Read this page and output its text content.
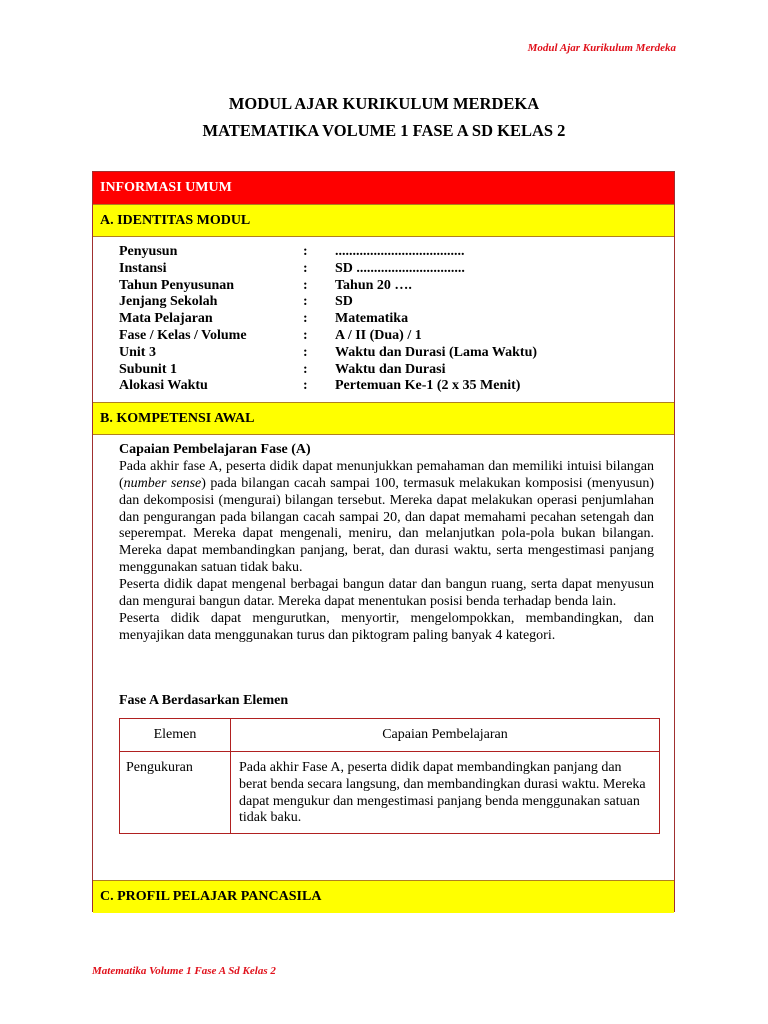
Modul Ajar Kurikulum Merdeka
MODUL AJAR KURIKULUM MERDEKA
MATEMATIKA VOLUME 1 FASE A SD KELAS 2
INFORMASI UMUM
A. IDENTITAS MODUL
Penyusun	:	.....................................
Instansi	:	SD ...............................
Tahun Penyusunan	:	Tahun 20 ….
Jenjang Sekolah	:	SD
Mata Pelajaran	:	Matematika
Fase / Kelas / Volume	:	A / II (Dua) / 1
Unit 3	:	Waktu dan Durasi (Lama Waktu)
Subunit 1	:	Waktu dan Durasi
Alokasi Waktu	:	Pertemuan Ke-1 (2 x 35 Menit)
B. KOMPETENSI AWAL
Capaian Pembelajaran Fase (A)

Pada akhir fase A, peserta didik dapat menunjukkan pemahaman dan memiliki intuisi bilangan (number sense) pada bilangan cacah sampai 100, termasuk melakukan komposisi (menyusun) dan dekomposisi (mengurai) bilangan tersebut. Mereka dapat melakukan operasi penjumlahan dan pengurangan pada bilangan cacah sampai 20, dan dapat memahami pecahan setengah dan seperempat. Mereka dapat mengenali, meniru, dan melanjutkan pola-pola bukan bilangan. Mereka dapat membandingkan panjang, berat, dan durasi waktu, serta mengestimasi panjang menggunakan satuan tidak baku.

Peserta didik dapat mengenal berbagai bangun datar dan bangun ruang, serta dapat menyusun dan mengurai bangun datar. Mereka dapat menentukan posisi benda terhadap benda lain.

Peserta didik dapat mengurutkan, menyortir, mengelompokkan, membandingkan, dan menyajikan data menggunakan turus dan piktogram paling banyak 4 kategori.

Fase A Berdasarkan Elemen
Elemen	Capaian Pembelajaran
Pengukuran	Pada akhir Fase A, peserta didik dapat membandingkan panjang dan berat benda secara langsung, dan membandingkan durasi waktu. Mereka dapat mengukur dan mengestimasi panjang benda menggunakan satuan tidak baku.
C. PROFIL PELAJAR PANCASILA
Matematika Volume 1 Fase A Sd Kelas 2
